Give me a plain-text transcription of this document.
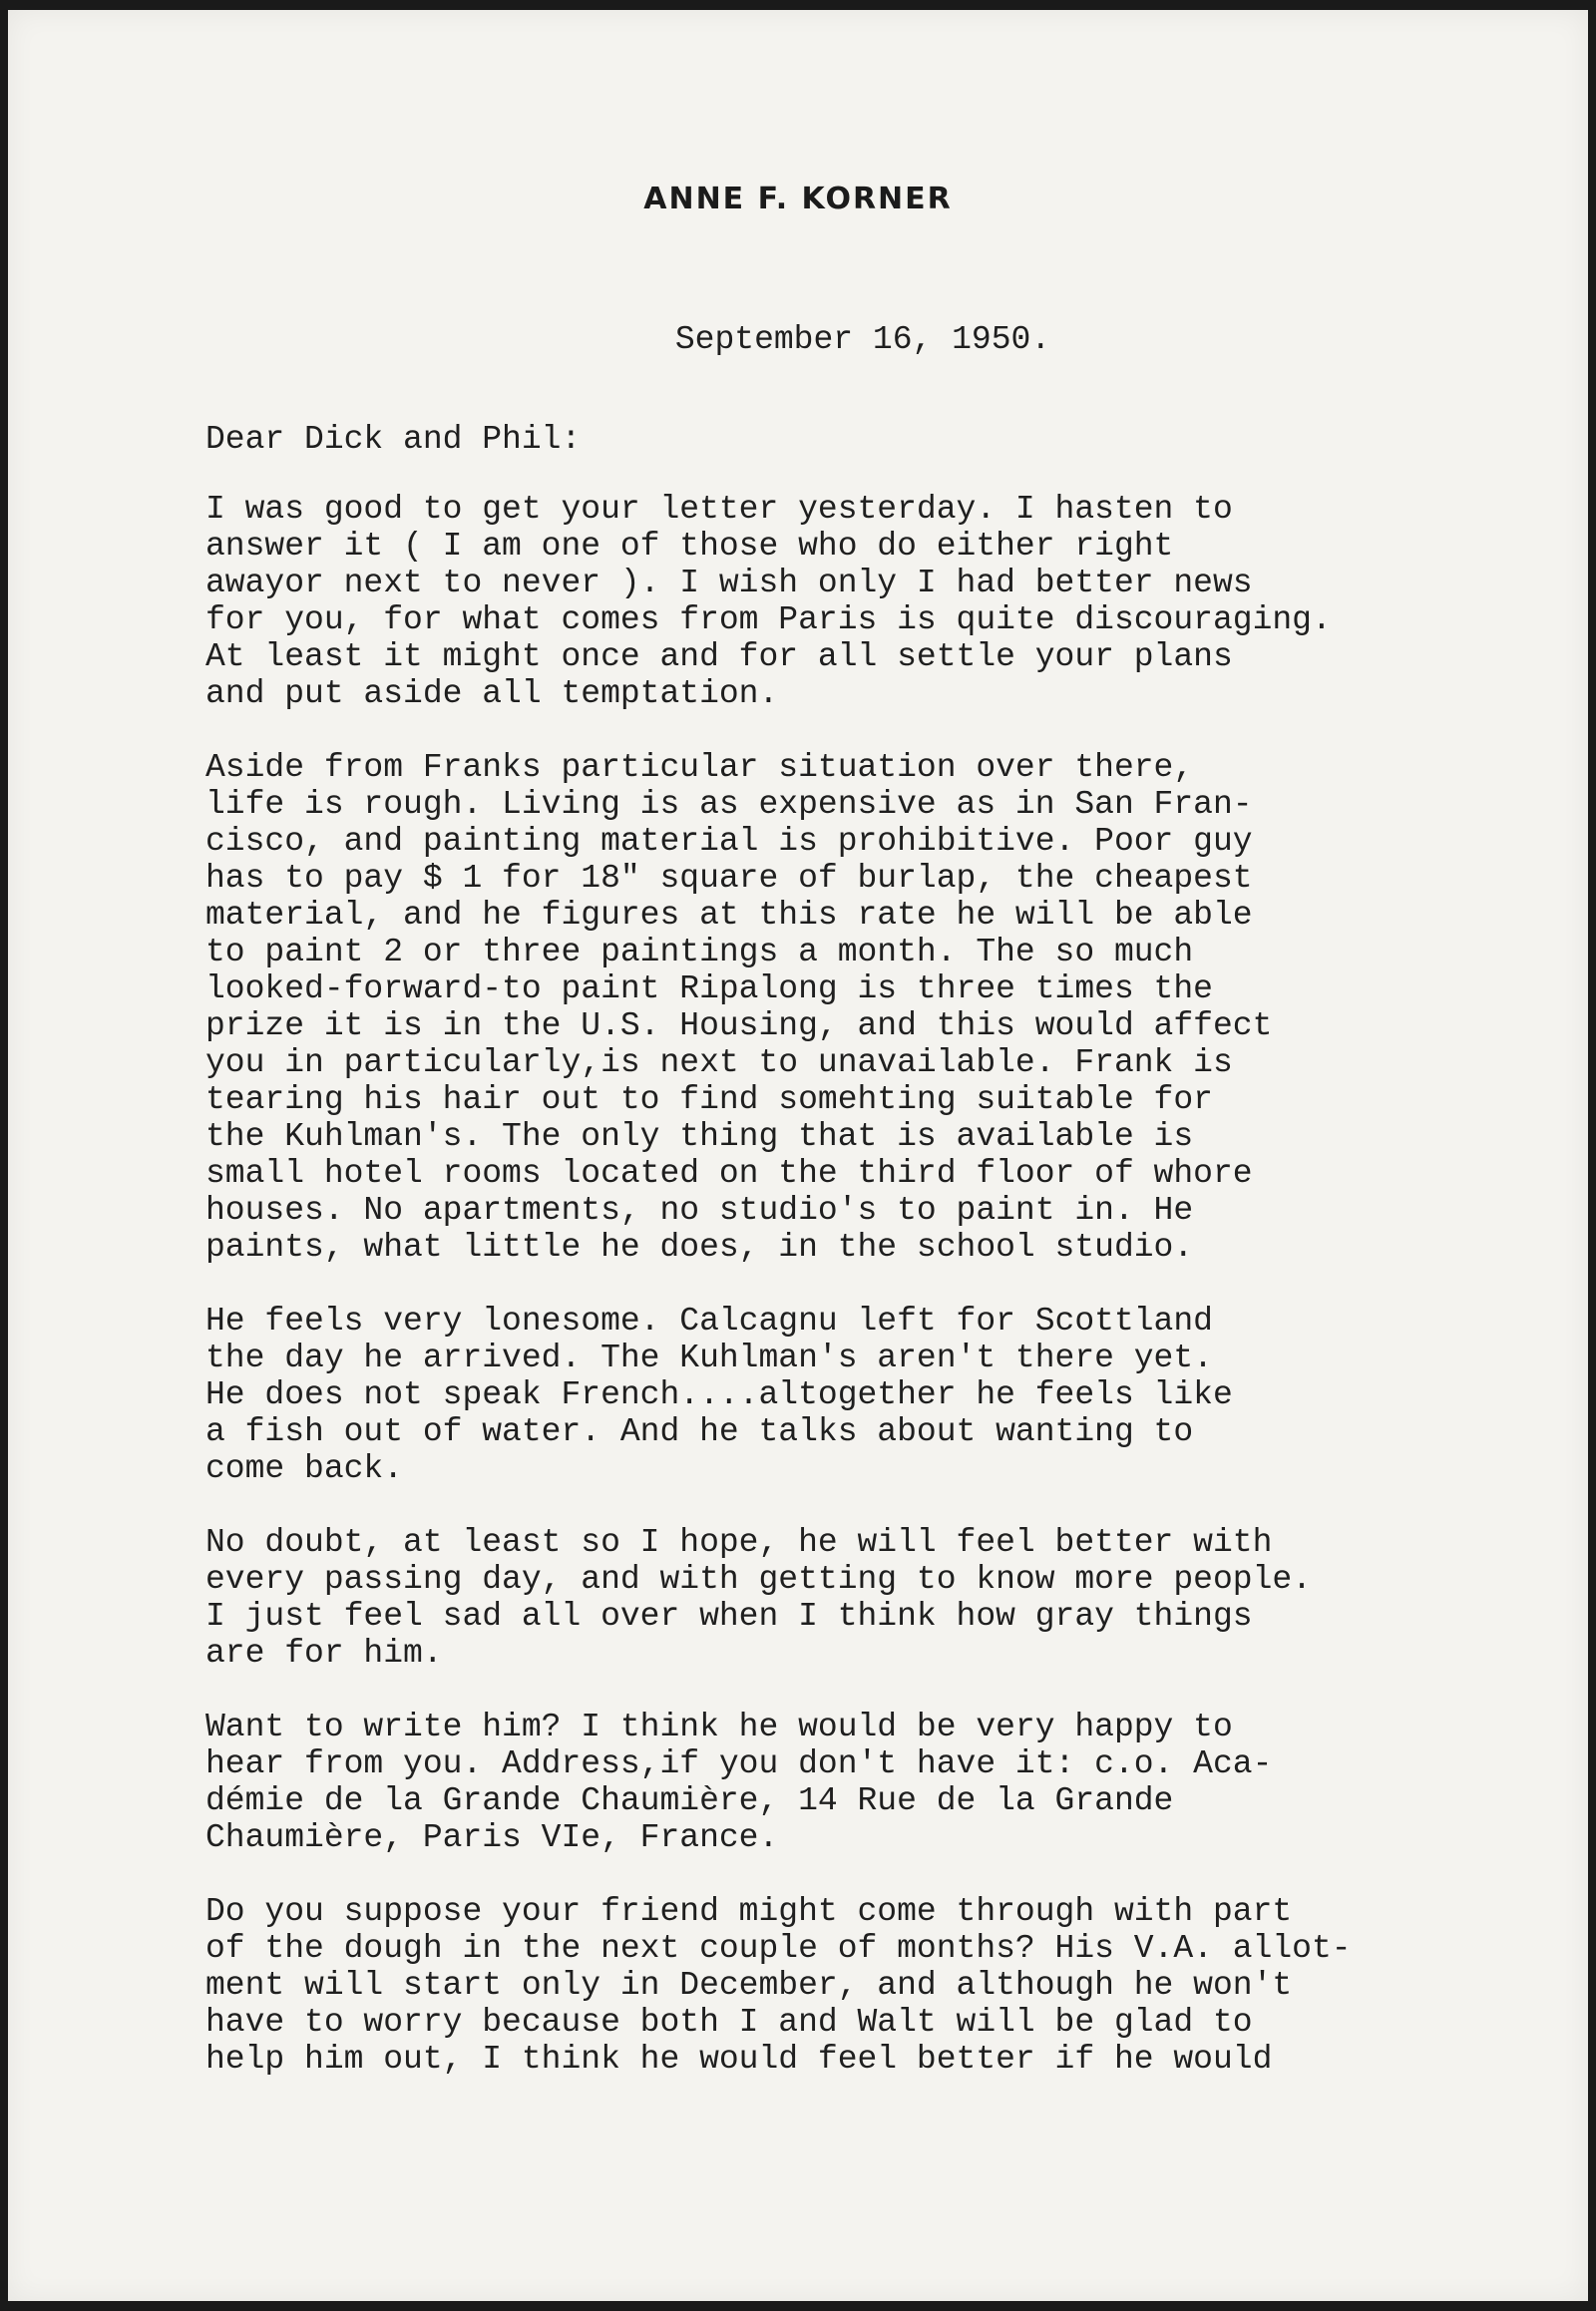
ANNE F. KORNER
September 16, 1950.
Dear Dick and Phil:
I was good to get your letter yesterday. I hasten to
answer it ( I am one of those who do either right
awayor next to never ). I wish only I had better news
for you, for what comes from Paris is quite discouraging.
At least it might once and for all settle your plans
and put aside all temptation.
Aside from Franks particular situation over there,
life is rough. Living is as expensive as in San Fran-
cisco, and painting material is prohibitive. Poor guy
has to pay $ 1 for 18" square of burlap, the cheapest
material, and he figures at this rate he will be able
to paint 2 or three paintings a month. The so much
looked-forward-to paint Ripalong is three times the
prize it is in the U.S. Housing, and this would affect
you in particularly,is next to unavailable. Frank is
tearing his hair out to find somehting suitable for
the Kuhlman's. The only thing that is available is
small hotel rooms located on the third floor of whore
houses. No apartments, no studio's to paint in. He
paints, what little he does, in the school studio.
He feels very lonesome. Calcagnu left for Scottland
the day he arrived. The Kuhlman's aren't there yet.
He does not speak French....altogether he feels like
a fish out of water. And he talks about wanting to
come back.
No doubt, at least so I hope, he will feel better with
every passing day, and with getting to know more people.
I just feel sad all over when I think how gray things
are for him.
Want to write him? I think he would be very happy to
hear from you. Address,if you don't have it: c.o. Aca-
démie de la Grande Chaumière, 14 Rue de la Grande
Chaumière, Paris VIe, France.
Do you suppose your friend might come through with part
of the dough in the next couple of months? His V.A. allot-
ment will start only in December, and although he won't
have to worry because both I and Walt will be glad to
help him out, I think he would feel better if he would
